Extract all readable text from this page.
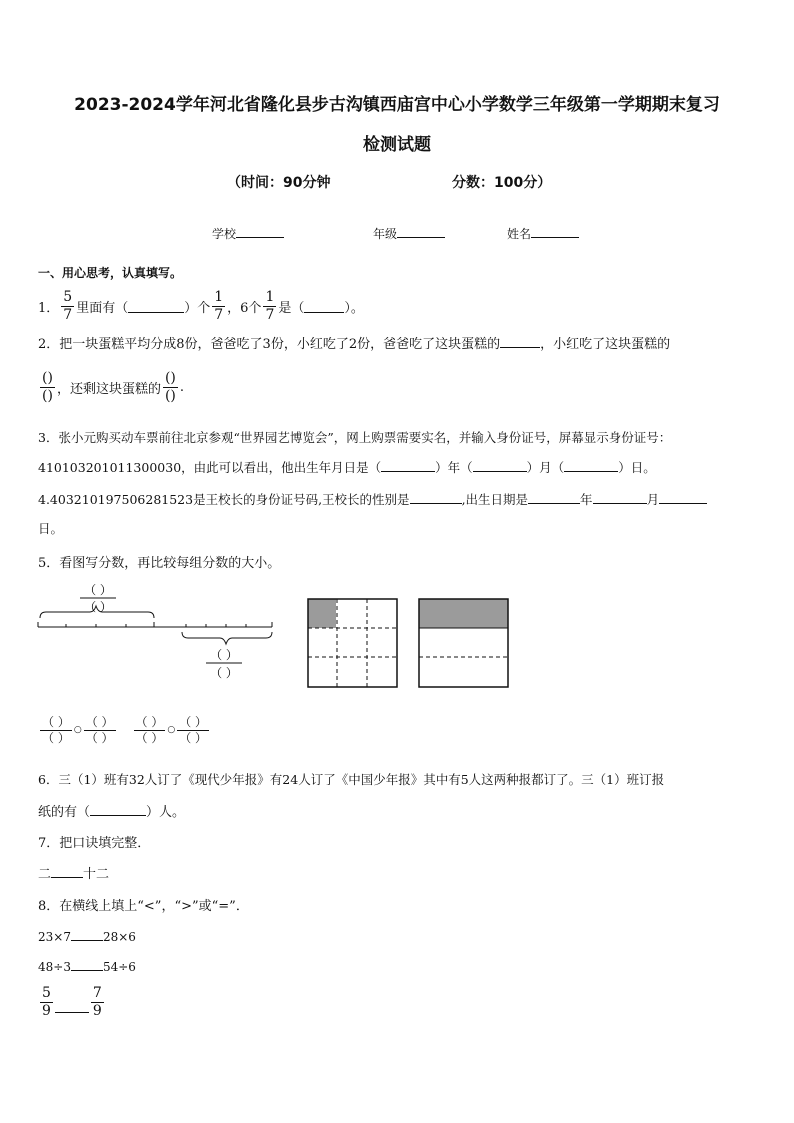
2023-2024学年河北省隆化县步古沟镇西庙宫中心小学数学三年级第一学期期末复习
检测试题
（时间：90分钟	分数：100分）
学校	年级	姓名
一、用心思考，认真填写。
1． $\frac{5}{7}$ 里面有（	）个 $\frac{1}{7}$ ，6个 $\frac{1}{7}$ 是（	）。
2．把一块蛋糕平均分成8份，爸爸吃了3份，小红吃了2份，爸爸吃了这块蛋糕的	，小红吃了这块蛋糕的
$\frac{()}{()}$ ，还剩这块蛋糕的 $\frac{()}{()}$ .
3．张小元购买动车票前往北京参观“世界园艺博览会”，网上购票需要实名，并输入身份证号，屏幕显示身份证号：
410103201011300030，由此可以看出，他出生年月日是（	）年（	）月（	）日。
4.403210197506281523是王校长的身份证号码,王校长的性别是	,出生日期是	年	月
日。
5．看图写分数，再比较每组分数的大小。
（ ）
（ ）
（ ）
（ ）
$\frac{( )}{( )}$ ○ $\frac{( )}{( )} \frac{( )}{( )}$ ○ $\frac{( )}{( )}$
6．三（1）班有32人订了《现代少年报》有24人订了《中国少年报》其中有5人这两种报都订了。三（1）班订报
纸的有（	）人。
7．把口诀填完整．
二 十二
8．在横线上填上“<”，“>”或“=”．
23×7	28×6
48÷3	54÷6
$\frac{5}{9}$	$\frac{7}{9}$
